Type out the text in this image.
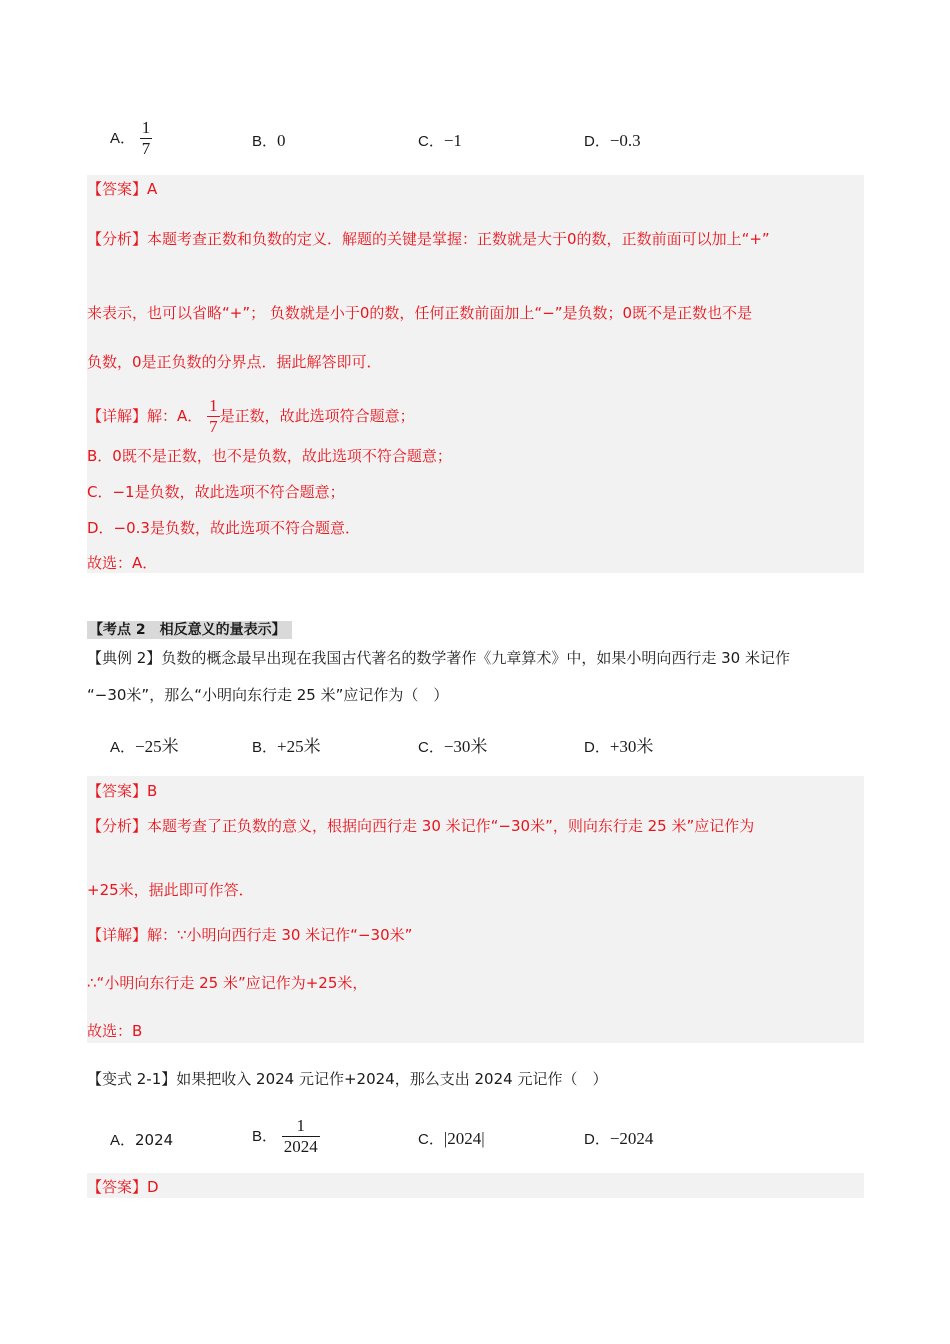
A． $\frac{1}{7}$	B．0	C．−1	D．−0.3
【答案】A
【分析】本题考查正数和负数的定义．解题的关键是掌握：正数就是大于0的数，正数前面可以加上“+”
来表示，也可以省略“+”； 负数就是小于0的数，任何正数前面加上“−”是负数；0既不是正数也不是
负数，0是正负数的分界点．据此解答即可．
【详解】解：A． $\frac{1}{7}$ 是正数，故此选项符合题意；
B．0既不是正数，也不是负数，故此选项不符合题意；
C．−1是负数，故此选项不符合题意；
D．−0.3是负数，故此选项不符合题意．
故选：A．
【考点 2　相反意义的量表示】
【典例 2】负数的概念最早出现在我国古代著名的数学著作《九章算术》中，如果小明向西行走 30 米记作
“−30米”，那么“小明向东行走 25 米”应记作为（　）
A．−25米	B．+25米	C．−30米	D．+30米
【答案】B
【分析】本题考查了正负数的意义，根据向西行走 30 米记作“−30米”，则向东行走 25 米”应记作为
+25米，据此即可作答．
【详解】解：∵小明向西行走 30 米记作“−30米”
∴“小明向东行走 25 米”应记作为+25米，
故选：B
【变式 2-1】如果把收入 2024 元记作+2024，那么支出 2024 元记作（　）
A．2024	B． $\frac{1}{2024}$	C．|2024|	D．−2024
【答案】D
